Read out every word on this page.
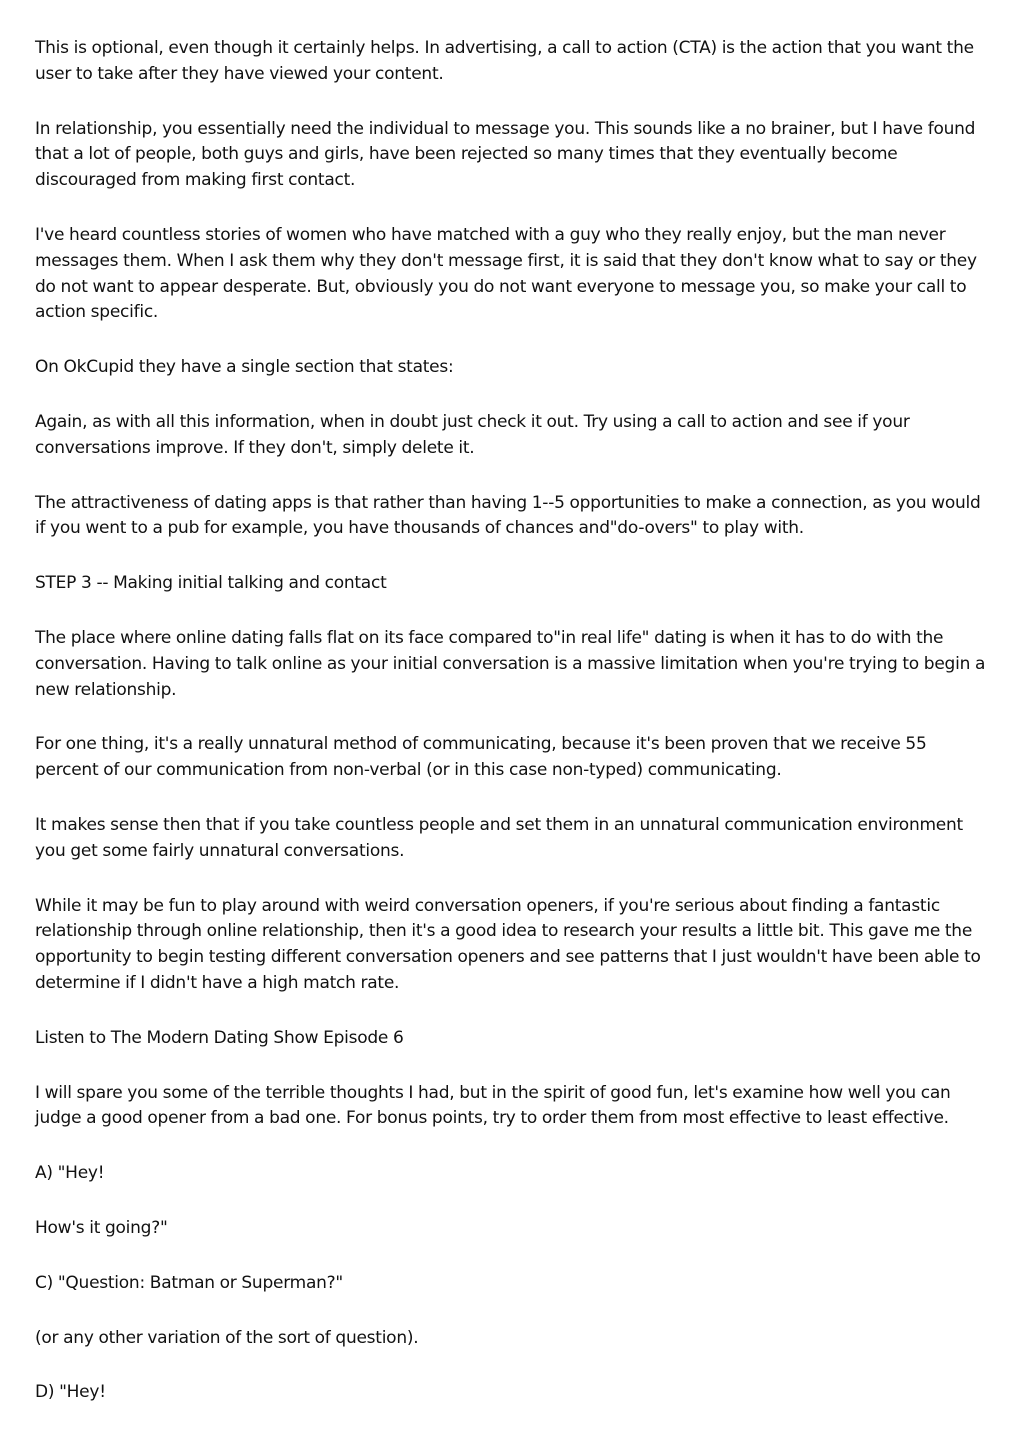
This is optional, even though it certainly helps. In advertising, a call to action (CTA) is the action that you want the user to take after they have viewed your content.

In relationship, you essentially need the individual to message you. This sounds like a no brainer, but I have found that a lot of people, both guys and girls, have been rejected so many times that they eventually become discouraged from making first contact.

I've heard countless stories of women who have matched with a guy who they really enjoy, but the man never messages them. When I ask them why they don't message first, it is said that they don't know what to say or they do not want to appear desperate. But, obviously you do not want everyone to message you, so make your call to action specific.

On OkCupid they have a single section that states:

Again, as with all this information, when in doubt just check it out. Try using a call to action and see if your conversations improve. If they don't, simply delete it.

The attractiveness of dating apps is that rather than having 1--5 opportunities to make a connection, as you would if you went to a pub for example, you have thousands of chances and"do-overs" to play with.

STEP 3 -- Making initial talking and contact

The place where online dating falls flat on its face compared to"in real life" dating is when it has to do with the conversation. Having to talk online as your initial conversation is a massive limitation when you're trying to begin a new relationship.

For one thing, it's a really unnatural method of communicating, because it's been proven that we receive 55 percent of our communication from non-verbal (or in this case non-typed) communicating.

It makes sense then that if you take countless people and set them in an unnatural communication environment you get some fairly unnatural conversations.

While it may be fun to play around with weird conversation openers, if you're serious about finding a fantastic relationship through online relationship, then it's a good idea to research your results a little bit. This gave me the opportunity to begin testing different conversation openers and see patterns that I just wouldn't have been able to determine if I didn't have a high match rate.

Listen to The Modern Dating Show Episode 6

I will spare you some of the terrible thoughts I had, but in the spirit of good fun, let's examine how well you can judge a good opener from a bad one. For bonus points, try to order them from most effective to least effective.

A) "Hey!

How's it going?"

C) "Question: Batman or Superman?"

(or any other variation of the sort of question).

D) "Hey!
